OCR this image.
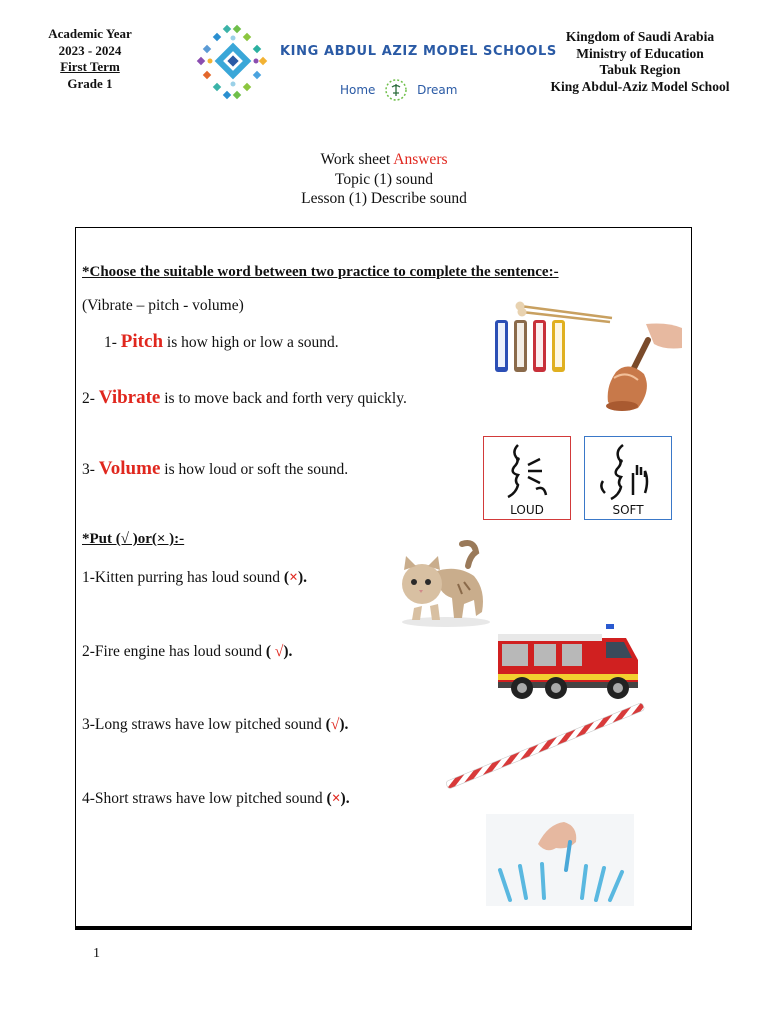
Academic Year
2023 - 2024
First Term
Grade 1
KING ABDUL AZIZ MODEL SCHOOLS
Home	Dream
Kingdom of Saudi Arabia
Ministry of Education
Tabuk Region
King Abdul-Aziz Model School
Work sheet Answers
Topic (1) sound
Lesson (1) Describe sound
*Choose the suitable word between two practice to complete the sentence:-
(Vibrate – pitch - volume)
1- Pitch is how high or low a sound.
2- Vibrate is to move back and forth very quickly.
3- Volume is how loud or soft the sound.
LOUD	SOFT
*Put (√ )or(× ):-
1-Kitten purring has loud sound (×).
2-Fire engine has loud sound ( √).
3-Long straws have low pitched sound (√).
4-Short straws have low pitched sound (×).
1
